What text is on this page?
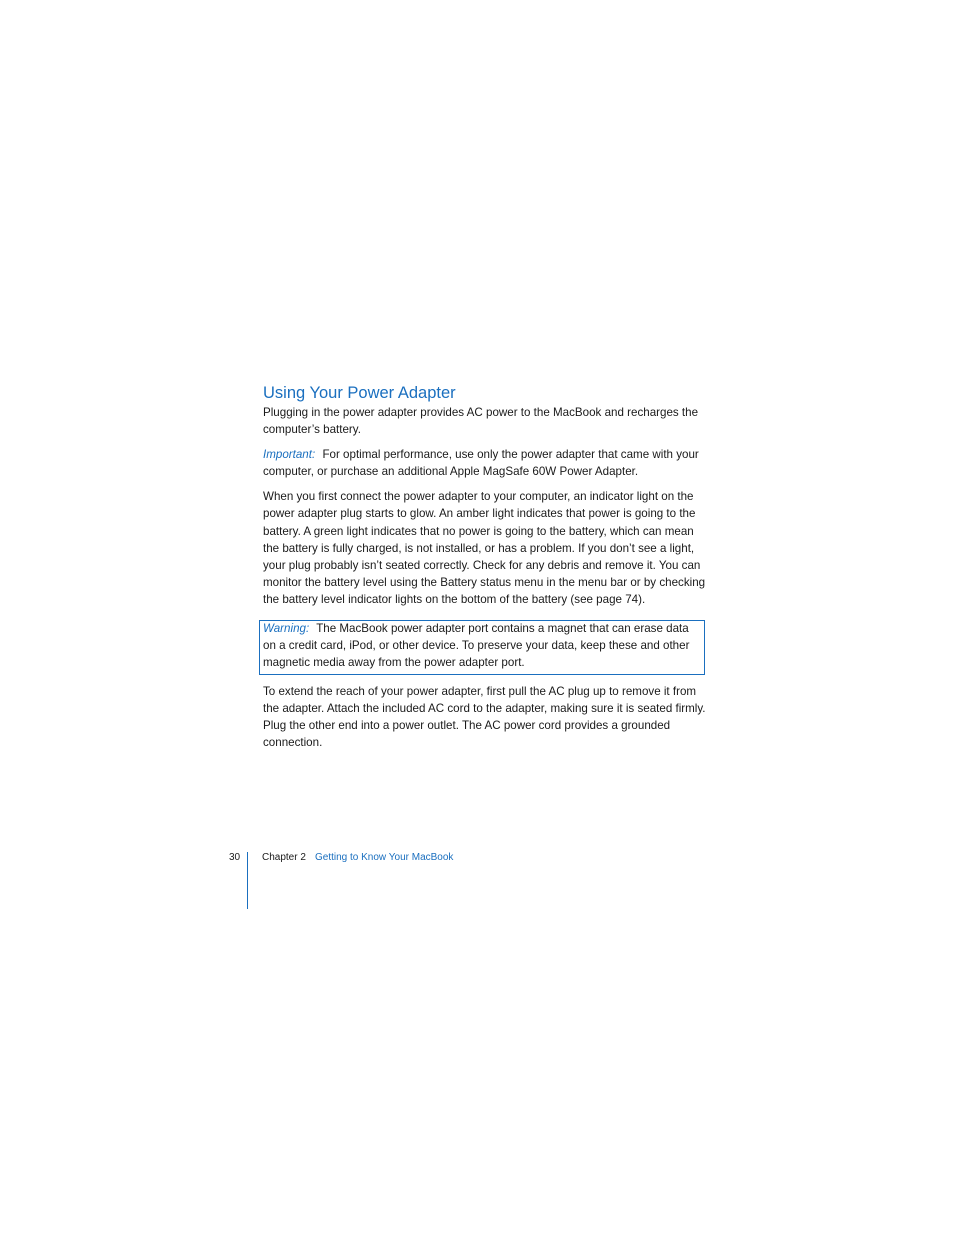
Using Your Power Adapter

Plugging in the power adapter provides AC power to the MacBook and recharges the computer’s battery.

Important: For optimal performance, use only the power adapter that came with your computer, or purchase an additional Apple MagSafe 60W Power Adapter.

When you first connect the power adapter to your computer, an indicator light on the power adapter plug starts to glow. An amber light indicates that power is going to the battery. A green light indicates that no power is going to the battery, which can mean the battery is fully charged, is not installed, or has a problem. If you don’t see a light, your plug probably isn’t seated correctly. Check for any debris and remove it. You can monitor the battery level using the Battery status menu in the menu bar or by checking the battery level indicator lights on the bottom of the battery (see page 74).

Warning: The MacBook power adapter port contains a magnet that can erase data on a credit card, iPod, or other device. To preserve your data, keep these and other magnetic media away from the power adapter port.

To extend the reach of your power adapter, first pull the AC plug up to remove it from the adapter. Attach the included AC cord to the adapter, making sure it is seated firmly. Plug the other end into a power outlet. The AC power cord provides a grounded connection.

30 Chapter 2 Getting to Know Your MacBook
